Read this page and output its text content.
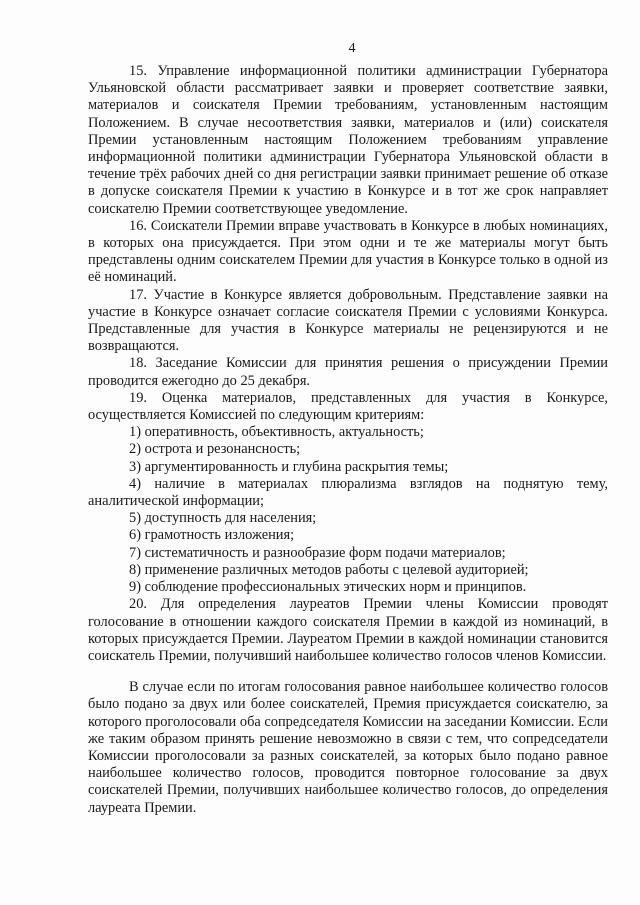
4

15. Управление информационной политики администрации Губернатора Ульяновской области рассматривает заявки и проверяет соответствие заявки, материалов и соискателя Премии требованиям, установленным настоящим Положением. В случае несоответствия заявки, материалов и (или) соискателя Премии установленным настоящим Положением требованиям управление информационной политики администрации Губернатора Ульяновской области в течение трёх рабочих дней со дня регистрации заявки принимает решение об отказе в допуске соискателя Премии к участию в Конкурсе и в тот же срок направляет соискателю Премии соответствующее уведомление.

16. Соискатели Премии вправе участвовать в Конкурсе в любых номинациях, в которых она присуждается. При этом одни и те же материалы могут быть представлены одним соискателем Премии для участия в Конкурсе только в одной из её номинаций.

17. Участие в Конкурсе является добровольным. Представление заявки на участие в Конкурсе означает согласие соискателя Премии с условиями Конкурса. Представленные для участия в Конкурсе материалы не рецензируются и не возвращаются.

18. Заседание Комиссии для принятия решения о присуждении Премии проводится ежегодно до 25 декабря.

19. Оценка материалов, представленных для участия в Конкурсе, осуществляется Комиссией по следующим критериям:

1) оперативность, объективность, актуальность;

2) острота и резонансность;

3) аргументированность и глубина раскрытия темы;

4) наличие в материалах плюрализма взглядов на поднятую тему, аналитической информации;

5) доступность для населения;

6) грамотность изложения;

7) систематичность и разнообразие форм подачи материалов;

8) применение различных методов работы с целевой аудиторией;

9) соблюдение профессиональных этических норм и принципов.

20. Для определения лауреатов Премии члены Комиссии проводят голосование в отношении каждого соискателя Премии в каждой из номинаций, в которых присуждается Премии. Лауреатом Премии в каждой номинации становится соискатель Премии, получивший наибольшее количество голосов членов Комиссии.

В случае если по итогам голосования равное наибольшее количество голосов было подано за двух или более соискателей, Премия присуждается соискателю, за которого проголосовали оба сопредседателя Комиссии на заседании Комиссии. Если же таким образом принять решение невозможно в связи с тем, что сопредседатели Комиссии проголосовали за разных соискателей, за которых было подано равное наибольшее количество голосов, проводится повторное голосование за двух соискателей Премии, получивших наибольшее количество голосов, до определения лауреата Премии.
